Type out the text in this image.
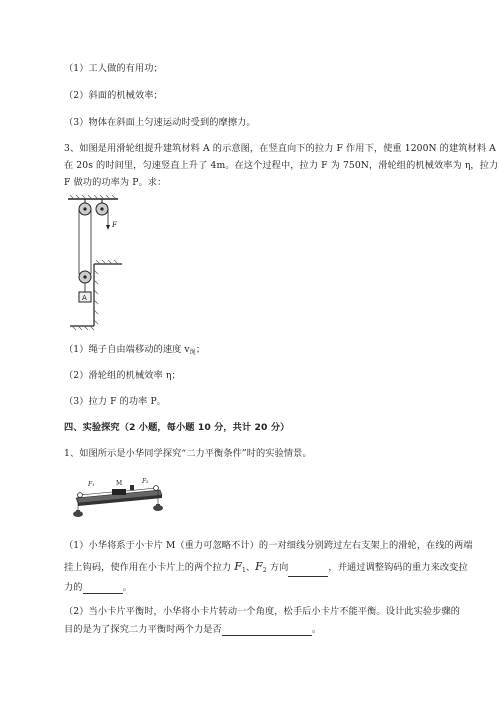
（1）工人做的有用功；
（2）斜面的机械效率；
（3）物体在斜面上匀速运动时受到的摩擦力。
3、如图是用滑轮组提升建筑材料 A 的示意图，在竖直向下的拉力 F 作用下，使重 1200N 的建筑材料 A
在 20s 的时间里，匀速竖直上升了 4m。在这个过程中，拉力 F 为 750N，滑轮组的机械效率为 η，拉力
F 做功的功率为 P。求：
F
A
（1）绳子自由端移动的速度 $v_绳$；
（2）滑轮组的机械效率 η；
（3）拉力 F 的功率 P。
四、实验探究（2 小题，每小题 10 分，共计 20 分）
1、如图所示是小华同学探究“二力平衡条件”时的实验情景。
F₁	M	F₂
（1）小华将系于小卡片 M（重力可忽略不计）的一对细线分别跨过左右支架上的滑轮，在线的两端
挂上钩码，使作用在小卡片上的两个拉力 $F_1$、$F_2$ 方向	，并通过调整钩码的重力来改变拉
力的	。
（2）当小卡片平衡时，小华将小卡片转动一个角度，松手后小卡片不能平衡。设计此实验步骤的
目的是为了探究二力平衡时两个力是否	。
